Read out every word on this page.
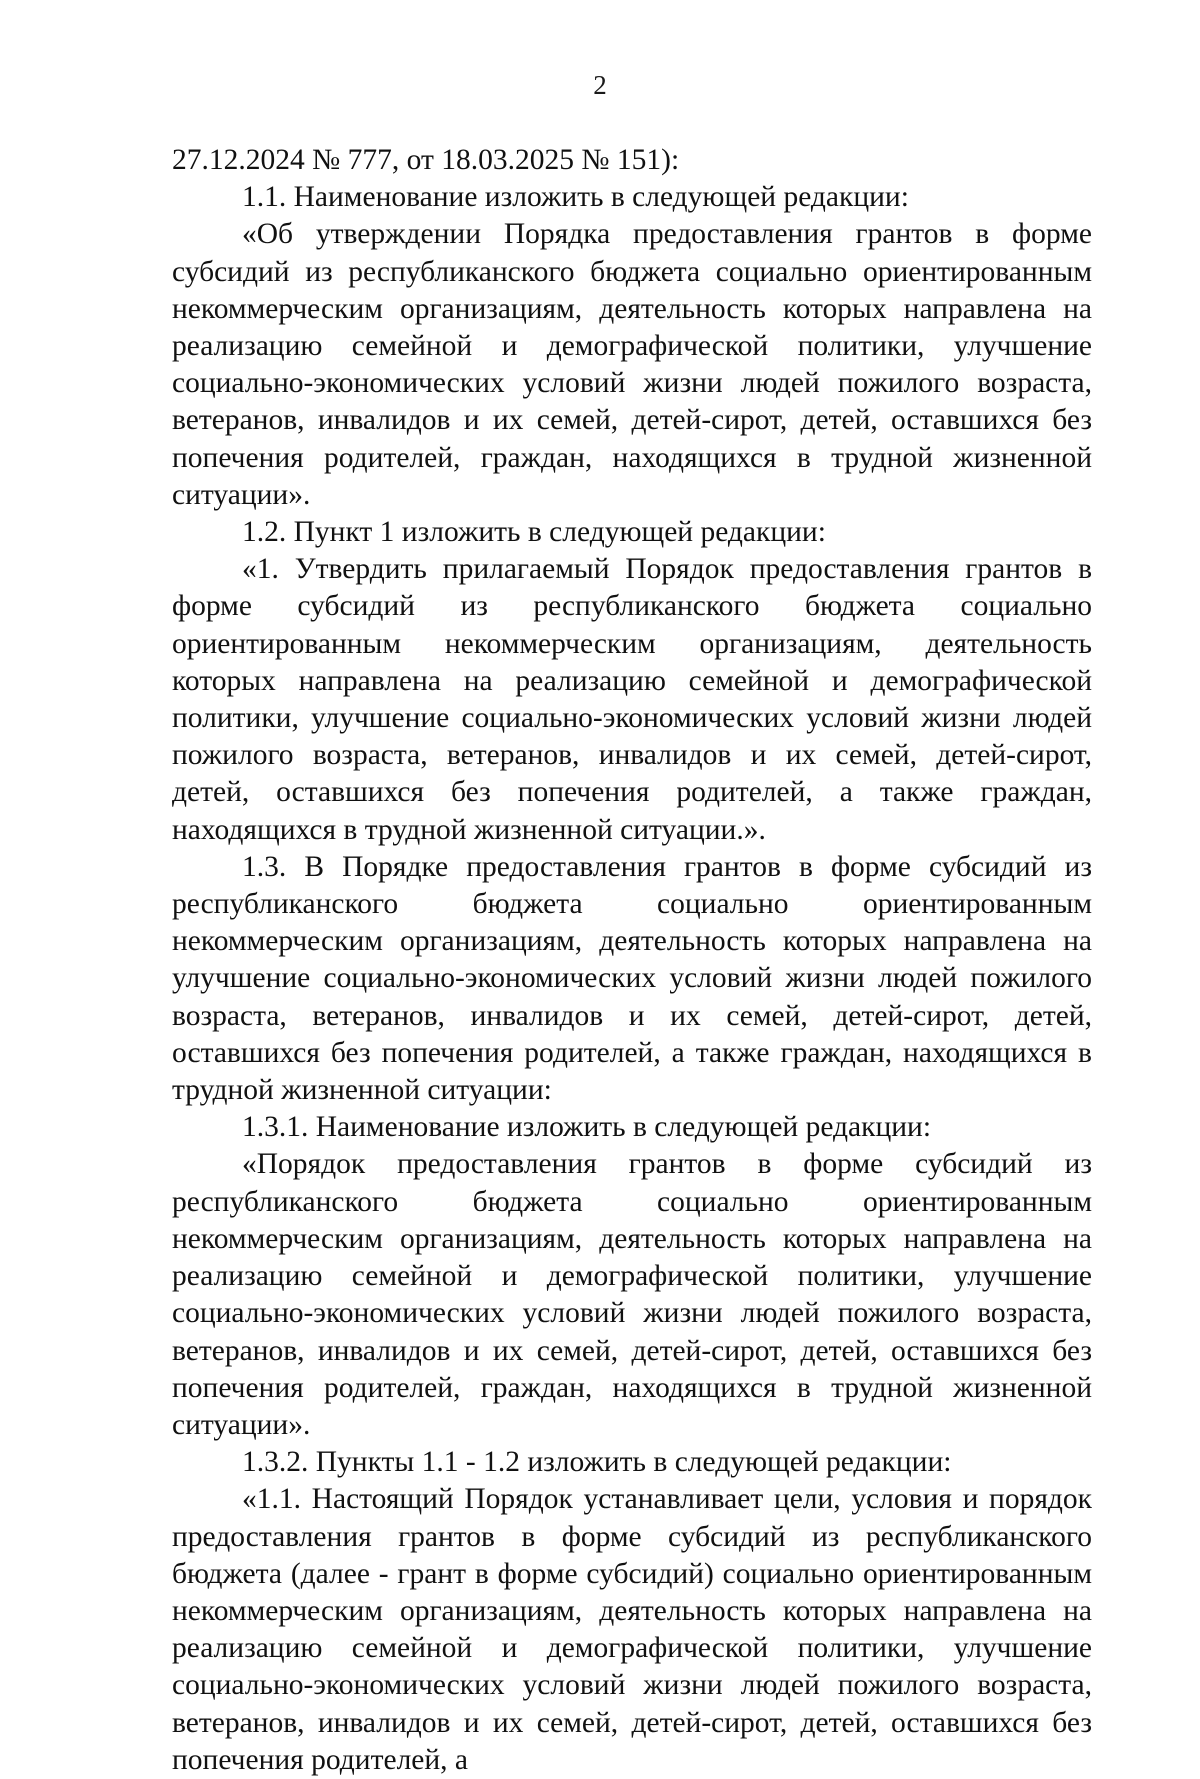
2

27.12.2024 № 777, от 18.03.2025 № 151):

1.1. Наименование изложить в следующей редакции:

«Об утверждении Порядка предоставления грантов в форме субсидий из республиканского бюджета социально ориентированным некоммерческим организациям, деятельность которых направлена на реализацию семейной и демографической политики, улучшение социально-экономических условий жизни людей пожилого возраста, ветеранов, инвалидов и их семей, детей-сирот, детей, оставшихся без попечения родителей, граждан, находящихся в трудной жизненной ситуации».

1.2. Пункт 1 изложить в следующей редакции:

«1. Утвердить прилагаемый Порядок предоставления грантов в форме субсидий из республиканского бюджета социально ориентированным некоммерческим организациям, деятельность которых направлена на реализацию семейной и демографической политики, улучшение социально-экономических условий жизни людей пожилого возраста, ветеранов, инвалидов и их семей, детей-сирот, детей, оставшихся без попечения родителей, а также граждан, находящихся в трудной жизненной ситуации.».

1.3. В Порядке предоставления грантов в форме субсидий из республиканского бюджета социально ориентированным некоммерческим организациям, деятельность которых направлена на улучшение социально-экономических условий жизни людей пожилого возраста, ветеранов, инвалидов и их семей, детей-сирот, детей, оставшихся без попечения родителей, а также граждан, находящихся в трудной жизненной ситуации:

1.3.1. Наименование изложить в следующей редакции:

«Порядок предоставления грантов в форме субсидий из республиканского бюджета социально ориентированным некоммерческим организациям, деятельность которых направлена на реализацию семейной и демографической политики, улучшение социально-экономических условий жизни людей пожилого возраста, ветеранов, инвалидов и их семей, детей-сирот, детей, оставшихся без попечения родителей, граждан, находящихся в трудной жизненной ситуации».

1.3.2. Пункты 1.1 - 1.2 изложить в следующей редакции:

«1.1. Настоящий Порядок устанавливает цели, условия и порядок предоставления грантов в форме субсидий из республиканского бюджета (далее - грант в форме субсидий) социально ориентированным некоммерческим организациям, деятельность которых направлена на реализацию семейной и демографической политики, улучшение социально-экономических условий жизни людей пожилого возраста, ветеранов, инвалидов и их семей, детей-сирот, детей, оставшихся без попечения родителей, а
